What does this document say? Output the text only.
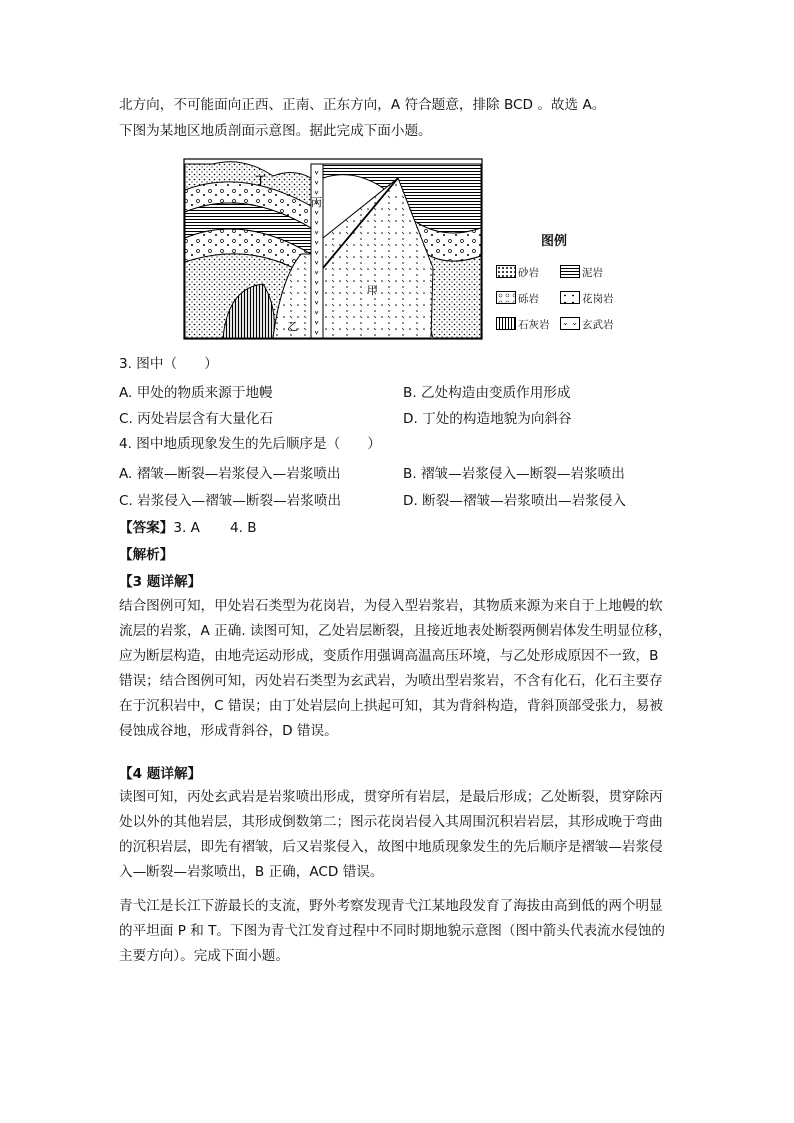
北方向，不可能面向正西、正南、正东方向，A 符合题意，排除 BCD 。故选 A。
下图为某地区地质剖面示意图。据此完成下面小题。
丁
丙
甲
乙
图例
砂岩	泥岩
砾岩	花岗岩
石灰岩 ⌄ ⌄ 玄武岩
3. 图中（　　）
A. 甲处的物质来源于地幔	B. 乙处构造由变质作用形成
C. 丙处岩层含有大量化石	D. 丁处的构造地貌为向斜谷
4. 图中地质现象发生的先后顺序是（　　）
A. 褶皱—断裂—岩浆侵入—岩浆喷出	B. 褶皱—岩浆侵入—断裂—岩浆喷出
C. 岩浆侵入—褶皱—断裂—岩浆喷出	D. 断裂—褶皱—岩浆喷出—岩浆侵入
【答案】3. A 4. B
【解析】
【3 题详解】
结合图例可知，甲处岩石类型为花岗岩，为侵入型岩浆岩，其物质来源为来自于上地幔的软流层的岩浆，A 正确. 读图可知，乙处岩层断裂，且接近地表处断裂两侧岩体发生明显位移，应为断层构造，由地壳运动形成，变质作用强调高温高压环境，与乙处形成原因不一致，B 错误；结合图例可知，丙处岩石类型为玄武岩，为喷出型岩浆岩，不含有化石，化石主要存在于沉积岩中，C 错误；由丁处岩层向上拱起可知，其为背斜构造，背斜顶部受张力，易被侵蚀成谷地，形成背斜谷，D 错误。
【4 题详解】
读图可知，丙处玄武岩是岩浆喷出形成，贯穿所有岩层，是最后形成；乙处断裂，贯穿除丙处以外的其他岩层，其形成倒数第二；图示花岗岩侵入其周围沉积岩岩层，其形成晚于弯曲的沉积岩层，即先有褶皱，后又岩浆侵入，故图中地质现象发生的先后顺序是褶皱—岩浆侵入—断裂—岩浆喷出，B 正确，ACD 错误。
青弋江是长江下游最长的支流，野外考察发现青弋江某地段发育了海拔由高到低的两个明显的平坦面 P 和 T。下图为青弋江发育过程中不同时期地貌示意图（图中箭头代表流水侵蚀的主要方向）。完成下面小题。
